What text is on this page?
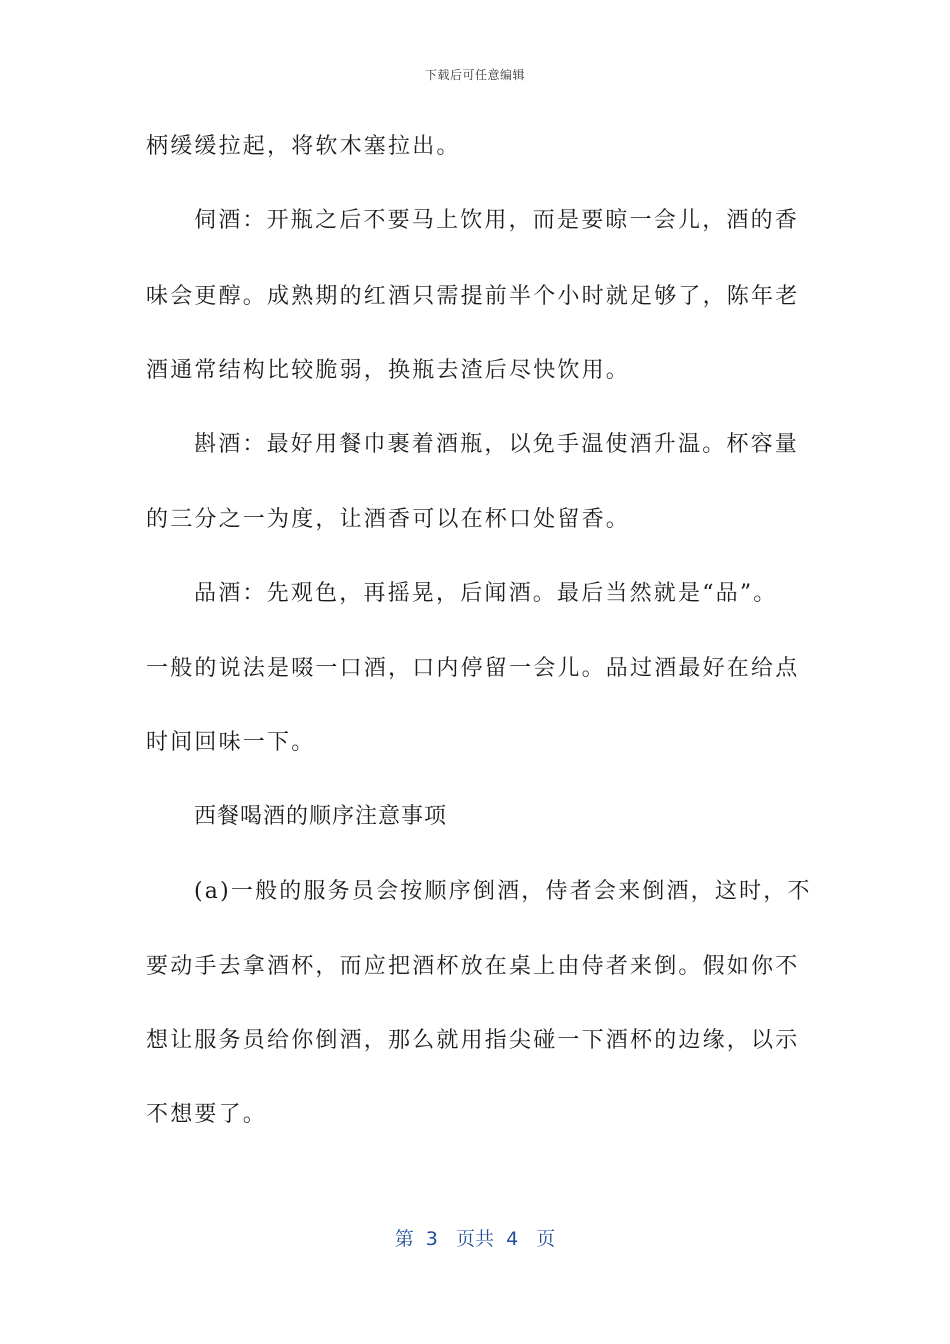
下载后可任意编辑
柄缓缓拉起，将软木塞拉出。
伺酒：开瓶之后不要马上饮用，而是要晾一会儿，酒的香
味会更醇。成熟期的红酒只需提前半个小时就足够了，陈年老
酒通常结构比较脆弱，换瓶去渣后尽快饮用。
斟酒：最好用餐巾裹着酒瓶，以免手温使酒升温。杯容量
的三分之一为度，让酒香可以在杯口处留香。
品酒：先观色，再摇晃，后闻酒。最后当然就是“品”。
一般的说法是啜一口酒，口内停留一会儿。品过酒最好在给点
时间回味一下。
西餐喝酒的顺序注意事项
(a)一般的服务员会按顺序倒酒，侍者会来倒酒，这时，不
要动手去拿酒杯，而应把酒杯放在桌上由侍者来倒。假如你不
想让服务员给你倒酒，那么就用指尖碰一下酒杯的边缘，以示
不想要了。
第  3   页共  4   页
